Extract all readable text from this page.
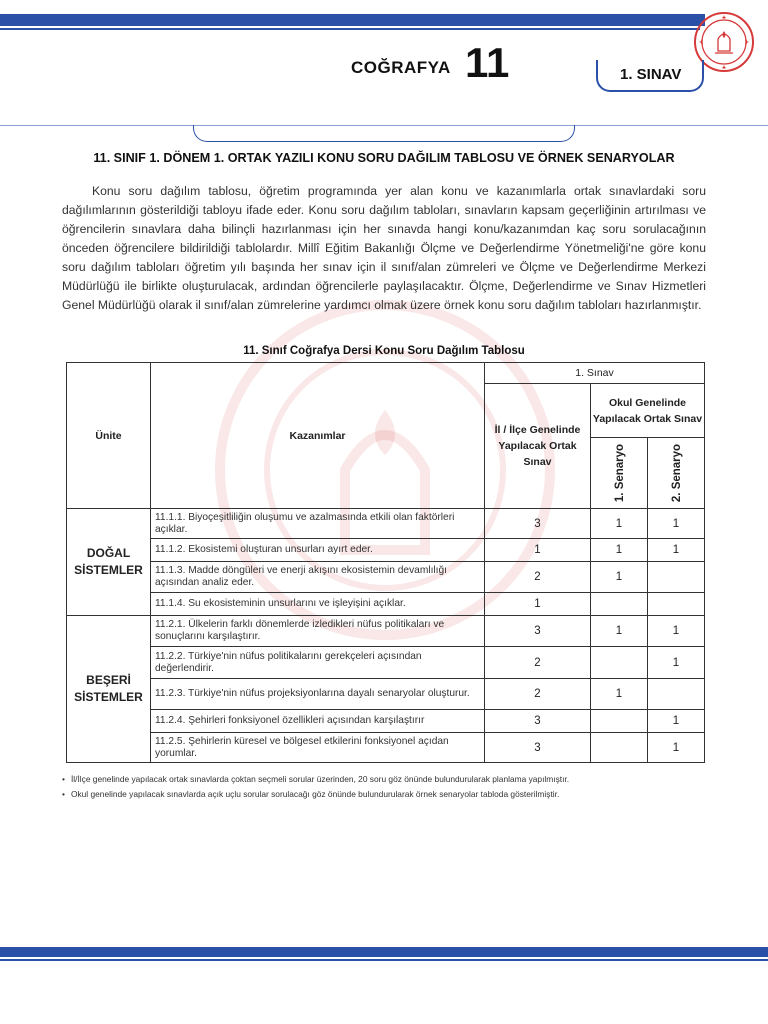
COĞRAFYA 11	1. SINAV
11. SINIF 1. DÖNEM 1. ORTAK YAZILI KONU SORU DAĞILIM TABLOSU VE ÖRNEK SENARYOLAR
Konu soru dağılım tablosu, öğretim programında yer alan konu ve kazanımlarla ortak sınavlardaki soru dağılımlarının gösterildiği tabloyu ifade eder. Konu soru dağılım tabloları, sınavların kapsam geçerliğinin artırılması ve öğrencilerin sınavlara daha bilinçli hazırlanması için her sınavda hangi konu/kazanımdan kaç soru sorulacağının önceden öğrencilere bildirildiği tablolardır. Millî Eğitim Bakanlığı Ölçme ve Değerlendirme Yönetmeliği'ne göre konu soru dağılım tabloları öğretim yılı başında her sınav için il sınıf/alan zümreleri ve Ölçme ve Değerlendirme Merkezi Müdürlüğü ile birlikte oluşturulacak, ardından öğrencilerle paylaşılacaktır. Ölçme, Değerlendirme ve Sınav Hizmetleri Genel Müdürlüğü olarak il sınıf/alan zümrelerine yardımcı olmak üzere örnek konu soru dağılım tabloları hazırlanmıştır.
11. Sınıf Coğrafya Dersi Konu Soru Dağılım Tablosu
Ünite	Kazanımlar	1. Sınav		
		İl / İlçe Genelinde Yapılacak Ortak Sınav	Okul Genelinde Yapılacak Ortak Sınav	
			1. Senaryo	2. Senaryo

DOĞAL
SİSTEMLER	11.1.1. Biyoçeşitliliğin oluşumu ve azalmasında etkili olan faktörleri açıklar.	3	1	1
	11.1.2. Ekosistemi oluşturan unsurları ayırt eder.	1	1	1
	11.1.3. Madde döngüleri ve enerji akışını ekosistemin devamlılığı açısından analiz eder.	2	1	
	11.1.4. Su ekosisteminin unsurlarını ve işleyişini açıklar.	1		

BEŞERİ
SİSTEMLER	11.2.1. Ülkelerin farklı dönemlerde izledikleri nüfus politikaları ve sonuçlarını karşılaştırır.	3	1	1
	11.2.2. Türkiye'nin nüfus politikalarını gerekçeleri açısından değerlendirir.	2		1
	11.2.3. Türkiye'nin nüfus projeksiyonlarına dayalı senaryolar oluşturur.	2	1	
	11.2.4. Şehirleri fonksiyonel özellikleri açısından karşılaştırır	3		1
	11.2.5. Şehirlerin küresel ve bölgesel etkilerini fonksiyonel açıdan yorumlar.	3		1
• İl/İlçe genelinde yapılacak ortak sınavlarda çoktan seçmeli sorular üzerinden, 20 soru göz önünde bulundurularak planlama yapılmıştır.
• Okul genelinde yapılacak sınavlarda açık uçlu sorular sorulacağı göz önünde bulundurularak örnek senaryolar tabloda gösterilmiştir.
